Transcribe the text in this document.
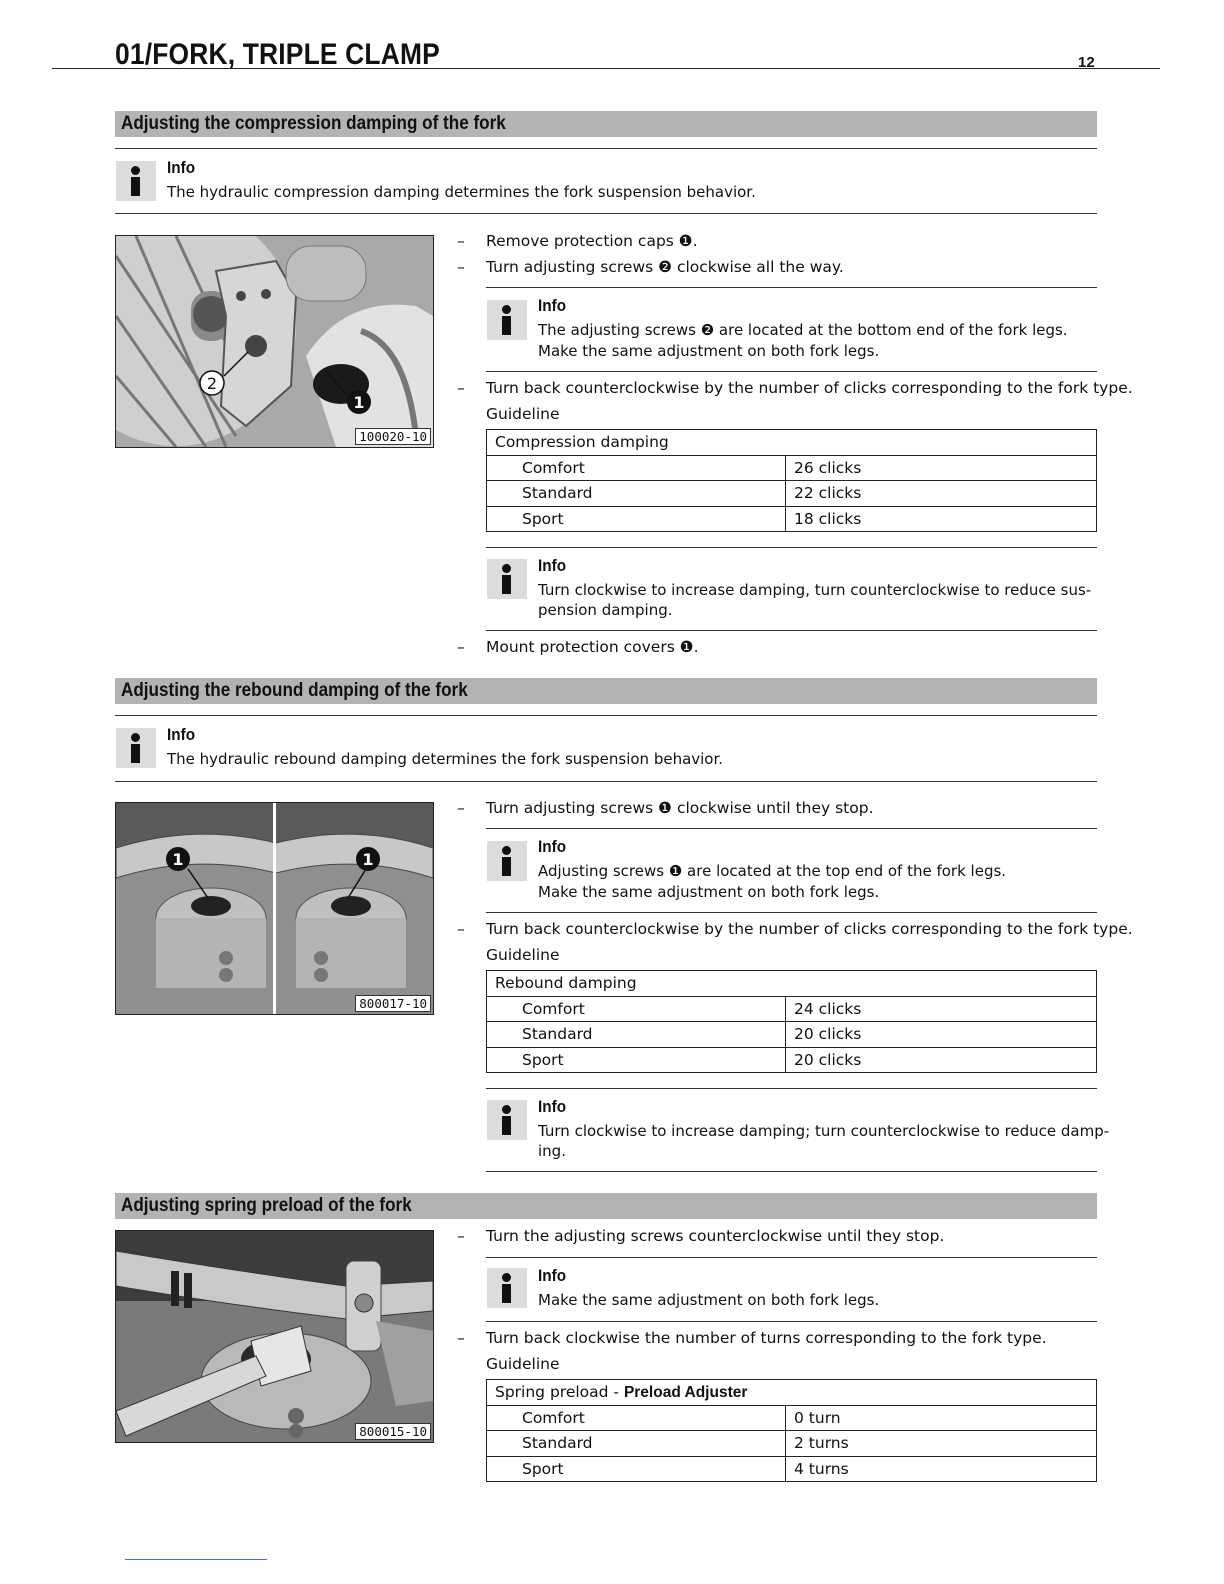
01/FORK, TRIPLE CLAMP	12
Adjusting the compression damping of the fork
Info
The hydraulic compression damping determines the fork suspension behavior.
2
1
100020-10
– Remove protection caps ❶.
– Turn adjusting screws ❷ clockwise all the way.
Info
The adjusting screws ❷ are located at the bottom end of the fork legs.
Make the same adjustment on both fork legs.
– Turn back counterclockwise by the number of clicks corresponding to the fork type.
Guideline
Compression damping	
Comfort	26 clicks
Standard	22 clicks
Sport	18 clicks
Info
Turn clockwise to increase damping, turn counterclockwise to reduce sus-
pension damping.
– Mount protection covers ❶.
Adjusting the rebound damping of the fork
Info
The hydraulic rebound damping determines the fork suspension behavior.
1	1
800017-10
– Turn adjusting screws ❶ clockwise until they stop.
Info
Adjusting screws ❶ are located at the top end of the fork legs.
Make the same adjustment on both fork legs.
– Turn back counterclockwise by the number of clicks corresponding to the fork type.
Guideline
Rebound damping	
Comfort	24 clicks
Standard	20 clicks
Sport	20 clicks
Info
Turn clockwise to increase damping; turn counterclockwise to reduce damp-
ing.
Adjusting spring preload of the fork
800015-10
– Turn the adjusting screws counterclockwise until they stop.
Info
Make the same adjustment on both fork legs.
– Turn back clockwise the number of turns corresponding to the fork type.
Guideline
Spring preload - Preload Adjuster	
Comfort	0 turn
Standard	2 turns
Sport	4 turns
